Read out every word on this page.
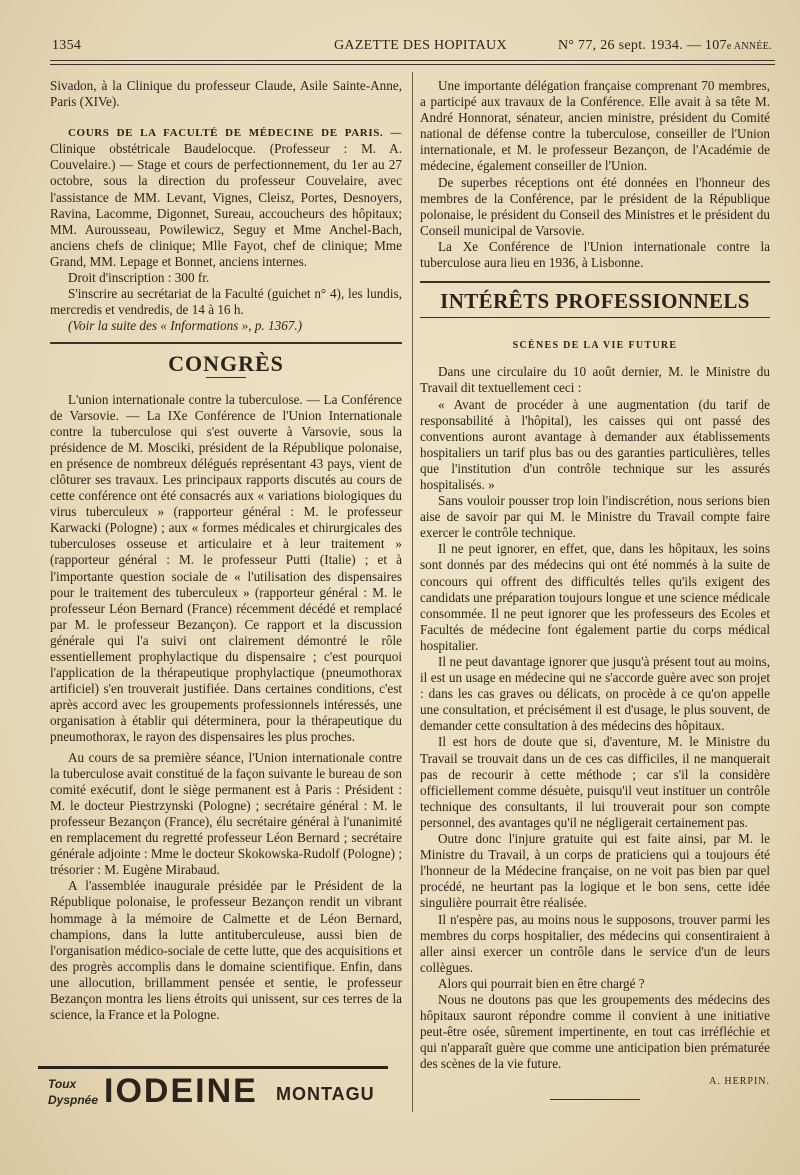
1354	GAZETTE DES HOPITAUX	N° 77, 26 sept. 1934. — 107e ANNÉE.

Sivadon, à la Clinique du professeur Claude, Asile Sainte-Anne, Paris (XIVe).

COURS DE LA FACULTÉ DE MÉDECINE DE PARIS. — Clinique obstétricale Baudelocque. (Professeur : M. A. Couvelaire.) — Stage et cours de perfectionnement, du 1er au 27 octobre, sous la direction du professeur Couvelaire, avec l'assistance de MM. Levant, Vignes, Cleisz, Portes, Desnoyers, Ravina, Lacomme, Digonnet, Sureau, accoucheurs des hôpitaux; MM. Aurousseau, Powilewicz, Seguy et Mme Anchel-Bach, anciens chefs de clinique; Mlle Fayot, chef de clinique; Mme Grand, MM. Lepage et Bonnet, anciens internes.

Droit d'inscription : 300 fr.

S'inscrire au secrétariat de la Faculté (guichet n° 4), les lundis, mercredis et vendredis, de 14 à 16 h.

(Voir la suite des « Informations », p. 1367.)

CONGRÈS

L'union internationale contre la tuberculose. — La Conférence de Varsovie. — La IXe Conférence de l'Union Internationale contre la tuberculose qui s'est ouverte à Varsovie, sous la présidence de M. Mosciki, président de la République polonaise, en présence de nombreux délégués représentant 43 pays, vient de clôturer ses travaux. Les principaux rapports discutés au cours de cette conférence ont été consacrés aux « variations biologiques du virus tuberculeux » (rapporteur général : M. le professeur Karwacki (Pologne) ; aux « formes médicales et chirurgicales des tuberculoses osseuse et articulaire et à leur traitement » (rapporteur général : M. le professeur Putti (Italie) ; et à l'importante question sociale de « l'utilisation des dispensaires pour le traitement des tuberculeux » (rapporteur général : M. le professeur Léon Bernard (France) récemment décédé et remplacé par M. le professeur Bezançon). Ce rapport et la discussion générale qui l'a suivi ont clairement démontré le rôle essentiellement prophylactique du dispensaire ; c'est pourquoi l'application de la thérapeutique prophylactique (pneumothorax artificiel) s'en trouverait justifiée. Dans certaines conditions, c'est après accord avec les groupements professionnels intéressés, une organisation à établir qui déterminera, pour la thérapeutique du pneumothorax, le rayon des dispensaires les plus proches.

Au cours de sa première séance, l'Union internationale contre la tuberculose avait constitué de la façon suivante le bureau de son comité exécutif, dont le siège permanent est à Paris : Président : M. le docteur Piestrzynski (Pologne) ; secrétaire général : M. le professeur Bezançon (France), élu secrétaire général à l'unanimité en remplacement du regretté professeur Léon Bernard ; secrétaire générale adjointe : Mme le docteur Skokowska-Rudolf (Pologne) ; trésorier : M. Eugène Mirabaud.

A l'assemblée inaugurale présidée par le Président de la République polonaise, le professeur Bezançon rendit un vibrant hommage à la mémoire de Calmette et de Léon Bernard, champions, dans la lutte antituberculeuse, aussi bien de l'organisation médico-sociale de cette lutte, que des acquisitions et des progrès accomplis dans le domaine scientifique. Enfin, dans une allocution, brillamment pensée et sentie, le professeur Bezançon montra les liens étroits qui unissent, sur ces terres de la science, la France et la Pologne.

Toux
Dyspnée IODEINE MONTAGU

Une importante délégation française comprenant 70 membres, a participé aux travaux de la Conférence. Elle avait à sa tête M. André Honnorat, sénateur, ancien ministre, président du Comité national de défense contre la tuberculose, conseiller de l'Union internationale, et M. le professeur Bezançon, de l'Académie de médecine, également conseiller de l'Union.

De superbes réceptions ont été données en l'honneur des membres de la Conférence, par le président de la République polonaise, le président du Conseil des Ministres et le président du Conseil municipal de Varsovie.

La Xe Conférence de l'Union internationale contre la tuberculose aura lieu en 1936, à Lisbonne.

INTÉRÊTS PROFESSIONNELS
SCÈNES DE LA VIE FUTURE

Dans une circulaire du 10 août dernier, M. le Ministre du Travail dit textuellement ceci :

« Avant de procéder à une augmentation (du tarif de responsabilité à l'hôpital), les caisses qui ont passé des conventions auront avantage à demander aux établissements hospitaliers un tarif plus bas ou des garanties particulières, telles que l'institution d'un contrôle technique sur les assurés hospitalisés. »

Sans vouloir pousser trop loin l'indiscrétion, nous serions bien aise de savoir par qui M. le Ministre du Travail compte faire exercer le contrôle technique.

Il ne peut ignorer, en effet, que, dans les hôpitaux, les soins sont donnés par des médecins qui ont été nommés à la suite de concours qui offrent des difficultés telles qu'ils exigent des candidats une préparation toujours longue et une science médicale consommée. Il ne peut ignorer que les professeurs des Ecoles et Facultés de médecine font également partie du corps médical hospitalier.

Il ne peut davantage ignorer que jusqu'à présent tout au moins, il est un usage en médecine qui ne s'accorde guère avec son projet : dans les cas graves ou délicats, on procède à ce qu'on appelle une consultation, et précisément il est d'usage, le plus souvent, de demander cette consultation à des médecins des hôpitaux.

Il est hors de doute que si, d'aventure, M. le Ministre du Travail se trouvait dans un de ces cas difficiles, il ne manquerait pas de recourir à cette méthode ; car s'il la considère officiellement comme désuète, puisqu'il veut instituer un contrôle technique des consultants, il lui trouverait pour son compte personnel, des avantages qu'il ne négligerait certainement pas.

Outre donc l'injure gratuite qui est faite ainsi, par M. le Ministre du Travail, à un corps de praticiens qui a toujours été l'honneur de la Médecine française, on ne voit pas bien par quel procédé, ne heurtant pas la logique et le bon sens, cette idée singulière pourrait être réalisée.

Il n'espère pas, au moins nous le supposons, trouver parmi les membres du corps hospitalier, des médecins qui consentiraient à aller ainsi exercer un contrôle dans le service d'un de leurs collègues.

Alors qui pourrait bien en être chargé ?

Nous ne doutons pas que les groupements des médecins des hôpitaux sauront répondre comme il convient à une initiative peut-être osée, sûrement impertinente, en tout cas irréfléchie et qui n'apparaît guère que comme une anticipation bien prématurée des scènes de la vie future.

A. HERPIN.
